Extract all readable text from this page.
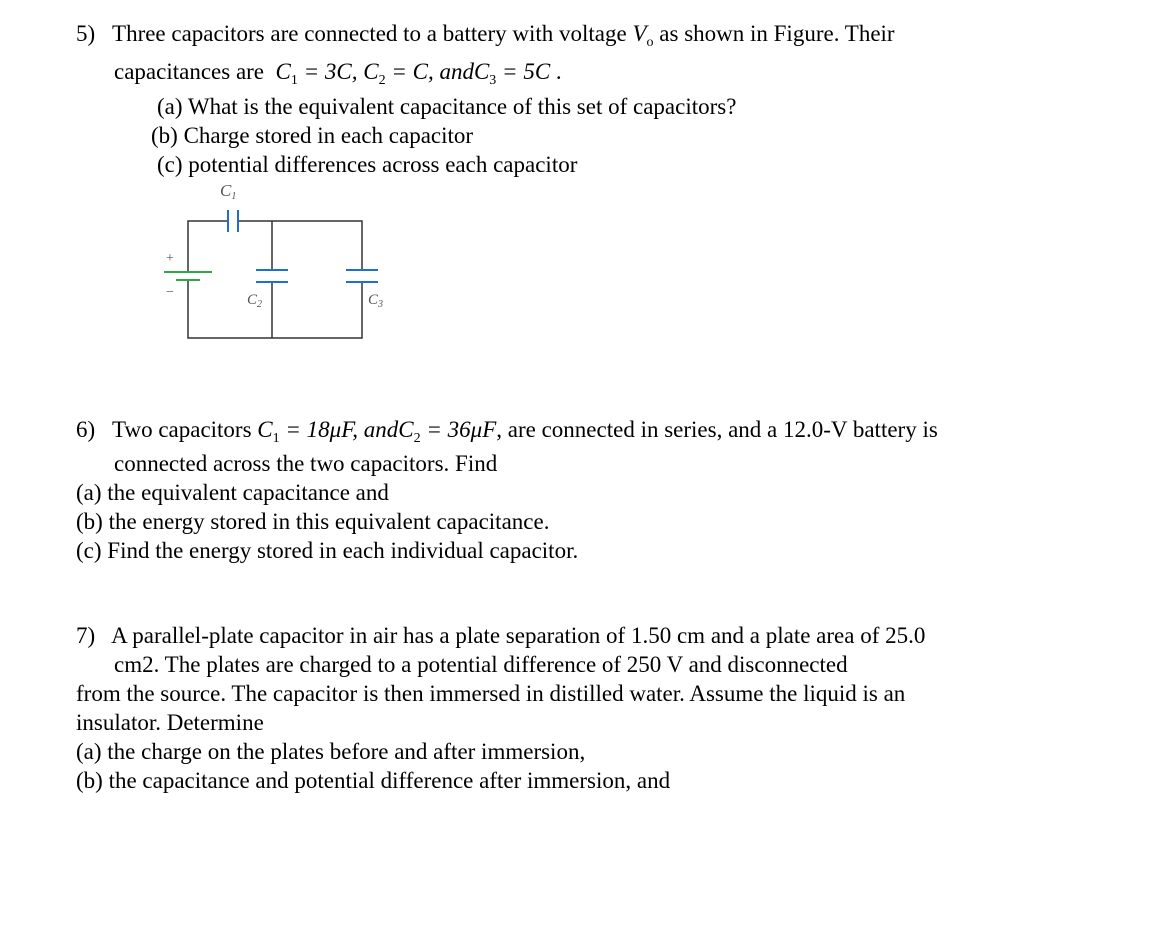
5) Three capacitors are connected to a battery with voltage $V_o$ as shown in Figure. Their
capacitances are $C_1 = 3C$, $C_2 = C$, andC$_3$ = 5C .
(a) What is the equivalent capacitance of this set of capacitors?
(b) Charge stored in each capacitor
(c) potential differences across each capacitor
C1
$C_2$	$C_3$
+
−
6) Two capacitors $C_1 = 18\mu F$, andC$_2$ = 36μF, are connected in series, and a 12.0-V battery is
connected across the two capacitors. Find
(a) the equivalent capacitance and
(b) the energy stored in this equivalent capacitance.
(c) Find the energy stored in each individual capacitor.
7) A parallel-plate capacitor in air has a plate separation of 1.50 cm and a plate area of 25.0
cm2. The plates are charged to a potential difference of 250 V and disconnected
from the source. The capacitor is then immersed in distilled water. Assume the liquid is an
insulator. Determine
(a) the charge on the plates before and after immersion,
(b) the capacitance and potential difference after immersion, and
